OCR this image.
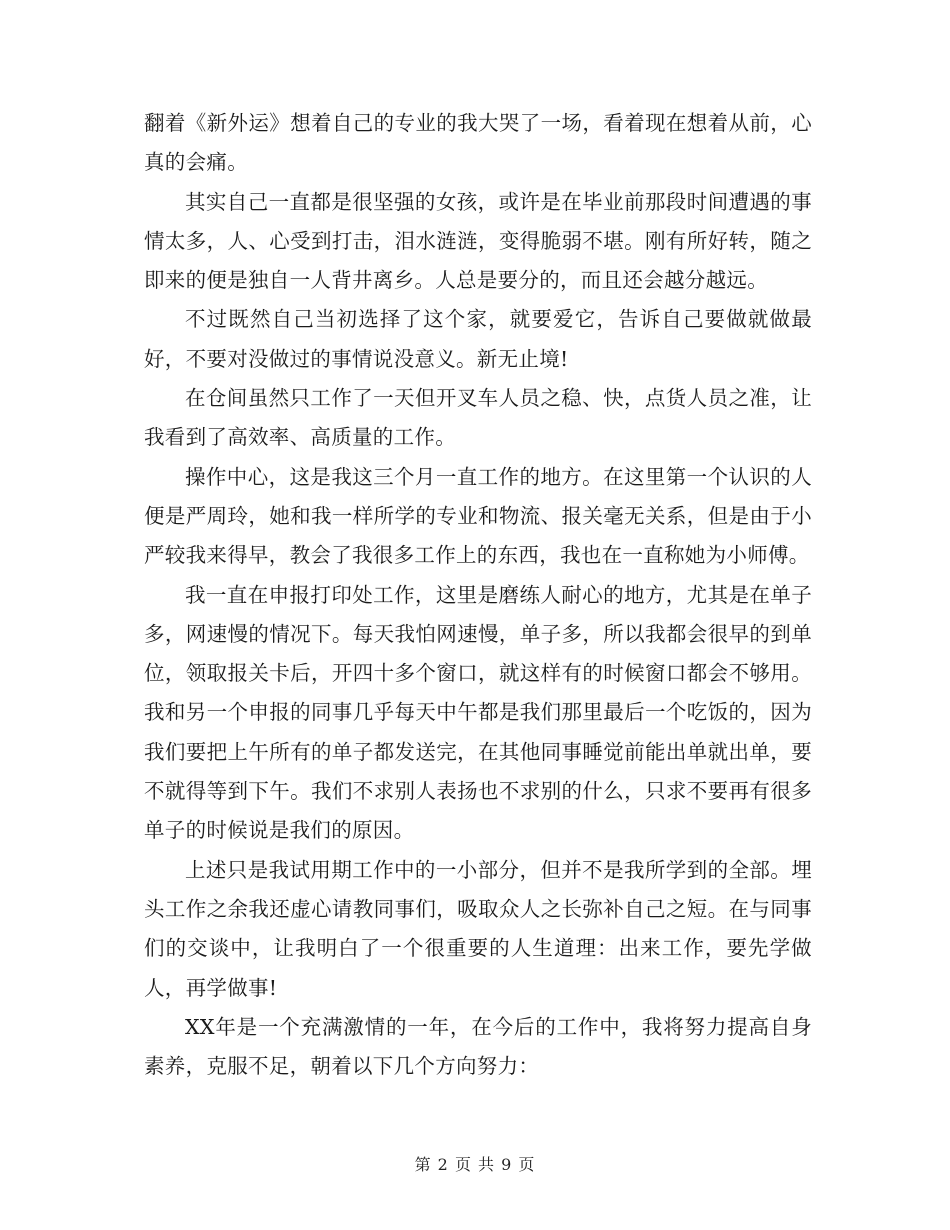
翻着《新外运》想着自己的专业的我大哭了一场，看着现在想着从前，心真的会痛。

其实自己一直都是很坚强的女孩，或许是在毕业前那段时间遭遇的事情太多，人、心受到打击，泪水涟涟，变得脆弱不堪。刚有所好转，随之即来的便是独自一人背井离乡。人总是要分的，而且还会越分越远。

不过既然自己当初选择了这个家，就要爱它，告诉自己要做就做最好，不要对没做过的事情说没意义。新无止境!

在仓间虽然只工作了一天但开叉车人员之稳、快，点货人员之准，让我看到了高效率、高质量的工作。

操作中心，这是我这三个月一直工作的地方。在这里第一个认识的人便是严周玲，她和我一样所学的专业和物流、报关毫无关系，但是由于小严较我来得早，教会了我很多工作上的东西，我也在一直称她为小师傅。

我一直在申报打印处工作，这里是磨练人耐心的地方，尤其是在单子多，网速慢的情况下。每天我怕网速慢，单子多，所以我都会很早的到单位，领取报关卡后，开四十多个窗口，就这样有的时候窗口都会不够用。我和另一个申报的同事几乎每天中午都是我们那里最后一个吃饭的，因为我们要把上午所有的单子都发送完，在其他同事睡觉前能出单就出单，要不就得等到下午。我们不求别人表扬也不求别的什么，只求不要再有很多单子的时候说是我们的原因。

上述只是我试用期工作中的一小部分，但并不是我所学到的全部。埋头工作之余我还虚心请教同事们，吸取众人之长弥补自己之短。在与同事们的交谈中，让我明白了一个很重要的人生道理：出来工作，要先学做人，再学做事!

XX年是一个充满激情的一年，在今后的工作中，我将努力提高自身素养，克服不足，朝着以下几个方向努力：

第 2 页 共 9 页
